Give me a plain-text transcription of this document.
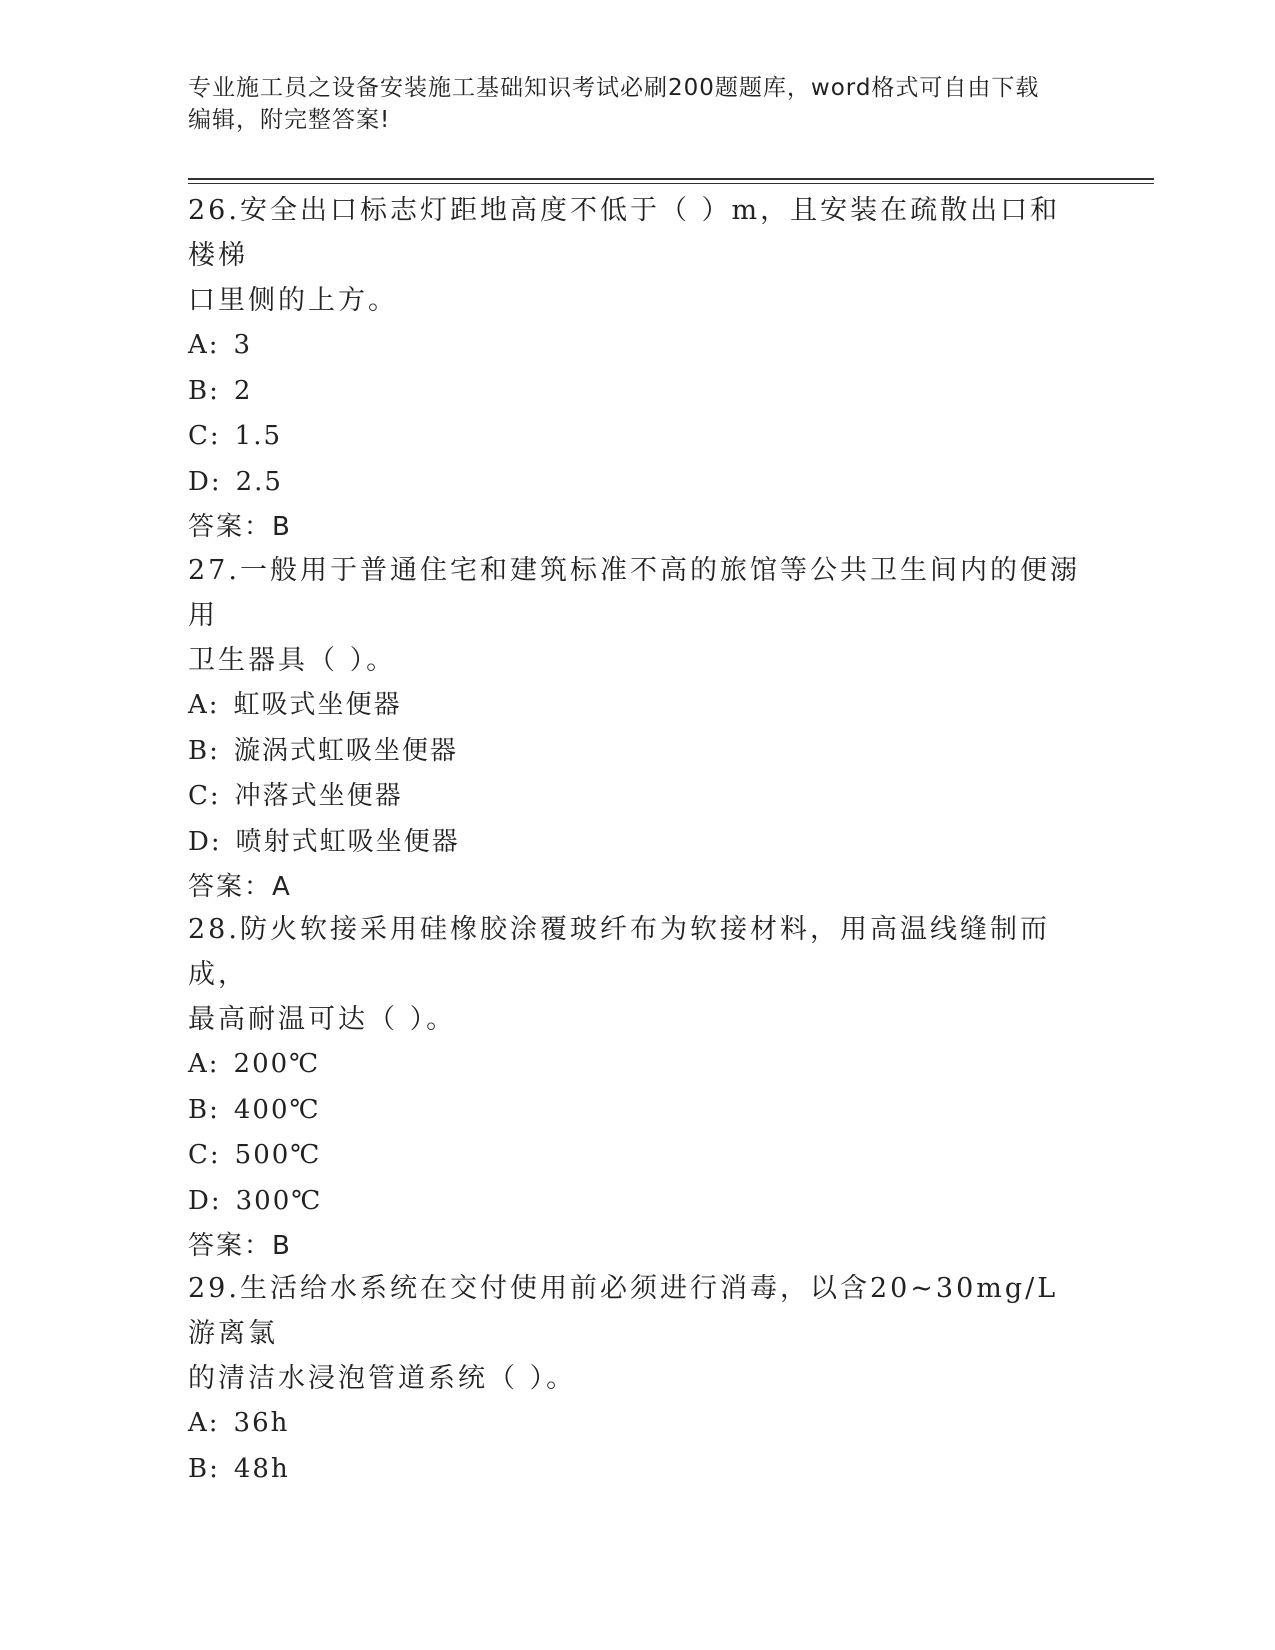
专业施工员之设备安装施工基础知识考试必刷200题题库，word格式可自由下载
编辑，附完整答案!
26.安全出口标志灯距地高度不低于（ ）m，且安装在疏散出口和楼梯
口里侧的上方。
A: 3
B: 2
C: 1.5
D: 2.5
答案：B
27.一般用于普通住宅和建筑标准不高的旅馆等公共卫生间内的便溺用
卫生器具（ ）。
A: 虹吸式坐便器
B: 漩涡式虹吸坐便器
C: 冲落式坐便器
D: 喷射式虹吸坐便器
答案：A
28.防火软接采用硅橡胶涂覆玻纤布为软接材料，用高温线缝制而成，
最高耐温可达（ ）。
A: 200℃
B: 400℃
C: 500℃
D: 300℃
答案：B
29.生活给水系统在交付使用前必须进行消毒，以含20~30mg/L游离氯
的清洁水浸泡管道系统（ ）。
A: 36h
B: 48h
